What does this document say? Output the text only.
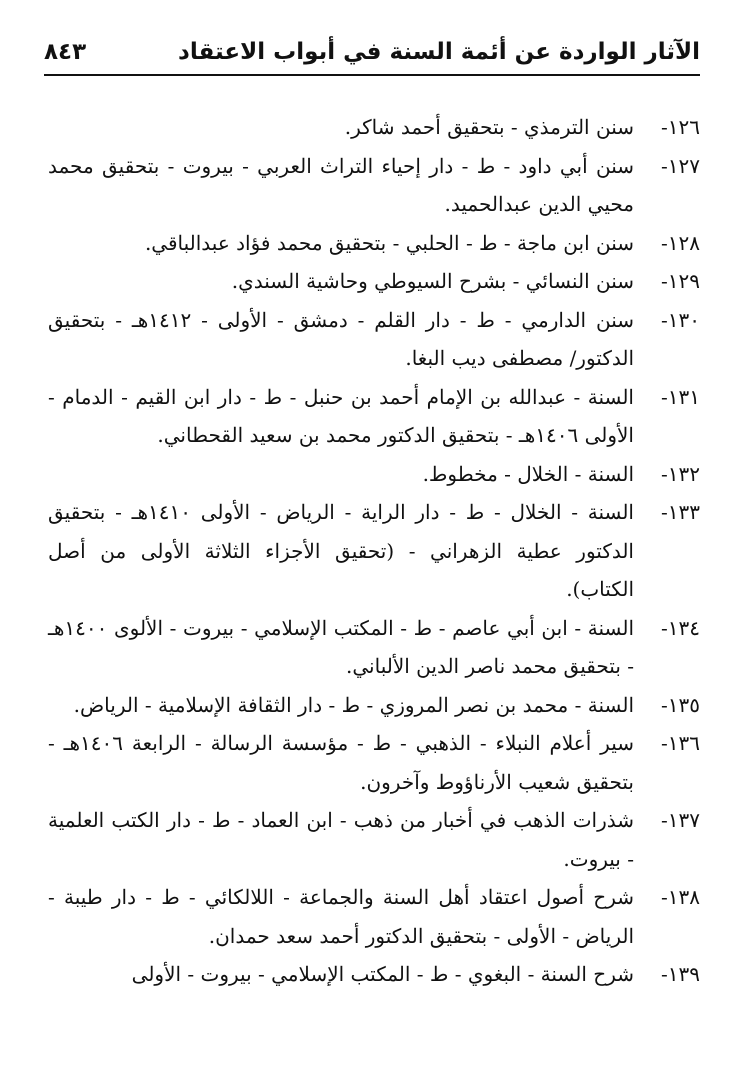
الآثار الواردة عن أئمة السنة في أبواب الاعتقاد
٨٤٣
١٢٦-
سنن الترمذي - بتحقيق أحمد شاكر.
١٢٧-
سنن أبي داود - ط - دار إحياء التراث العربي - بيروت - بتحقيق محمد محيي الدين عبدالحميد.
١٢٨-
سنن ابن ماجة - ط - الحلبي - بتحقيق محمد فؤاد عبدالباقي.
١٢٩-
سنن النسائي - بشرح السيوطي وحاشية السندي.
١٣٠-
سنن الدارمي - ط - دار القلم - دمشق - الأولى - ١٤١٢هـ - بتحقيق الدكتور/ مصطفى ديب البغا.
١٣١-
السنة - عبدالله بن الإمام أحمد بن حنبل - ط - دار ابن القيم - الدمام - الأولى ١٤٠٦هـ - بتحقيق الدكتور محمد بن سعيد القحطاني.
١٣٢-
السنة - الخلال - مخطوط.
١٣٣-
السنة - الخلال - ط - دار الراية - الرياض - الأولى ١٤١٠هـ - بتحقيق الدكتور عطية الزهراني - (تحقيق الأجزاء الثلاثة الأولى من أصل الكتاب).
١٣٤-
السنة - ابن أبي عاصم - ط - المكتب الإسلامي - بيروت - الألوى ١٤٠٠هـ - بتحقيق محمد ناصر الدين الألباني.
١٣٥-
السنة - محمد بن نصر المروزي - ط - دار الثقافة الإسلامية - الرياض.
١٣٦-
سير أعلام النبلاء - الذهبي - ط - مؤسسة الرسالة - الرابعة ١٤٠٦هـ - بتحقيق شعيب الأرناؤوط وآخرون.
١٣٧-
شذرات الذهب في أخبار من ذهب - ابن العماد - ط - دار الكتب العلمية - بيروت.
١٣٨-
شرح أصول اعتقاد أهل السنة والجماعة - اللالكائي - ط - دار طيبة - الرياض - الأولى - بتحقيق الدكتور أحمد سعد حمدان.
١٣٩-
شرح السنة - البغوي - ط - المكتب الإسلامي - بيروت - الأولى
